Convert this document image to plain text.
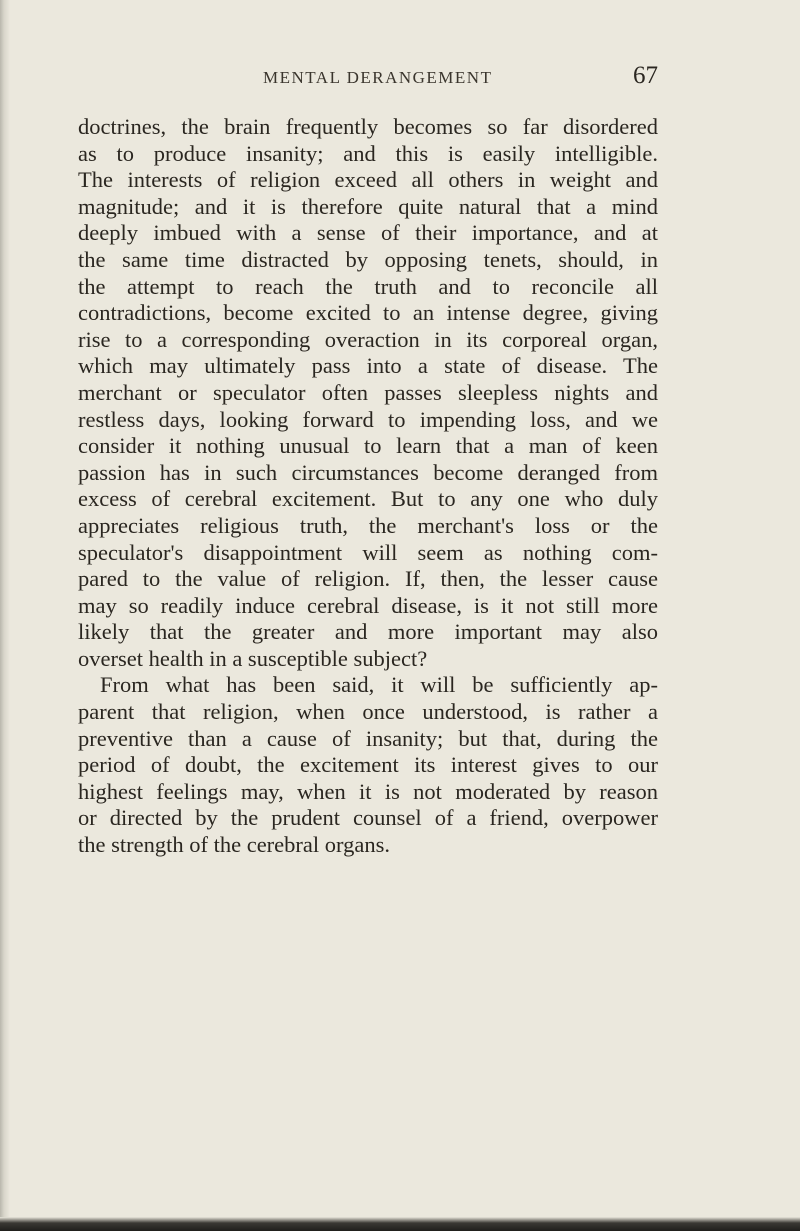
MENTAL DERANGEMENT	67
doctrines, the brain frequently becomes so far disordered
as to produce insanity; and this is easily intelligible.
The interests of religion exceed all others in weight and
magnitude; and it is therefore quite natural that a mind
deeply imbued with a sense of their importance, and at
the same time distracted by opposing tenets, should, in
the attempt to reach the truth and to reconcile all
contradictions, become excited to an intense degree, giving
rise to a corresponding overaction in its corporeal organ,
which may ultimately pass into a state of disease. The
merchant or speculator often passes sleepless nights and
restless days, looking forward to impending loss, and we
consider it nothing unusual to learn that a man of keen
passion has in such circumstances become deranged from
excess of cerebral excitement. But to any one who duly
appreciates religious truth, the merchant's loss or the
speculator's disappointment will seem as nothing com-
pared to the value of religion. If, then, the lesser cause
may so readily induce cerebral disease, is it not still more
likely that the greater and more important may also
overset health in a susceptible subject?
From what has been said, it will be sufficiently ap-
parent that religion, when once understood, is rather a
preventive than a cause of insanity; but that, during the
period of doubt, the excitement its interest gives to our
highest feelings may, when it is not moderated by reason
or directed by the prudent counsel of a friend, overpower
the strength of the cerebral organs.
